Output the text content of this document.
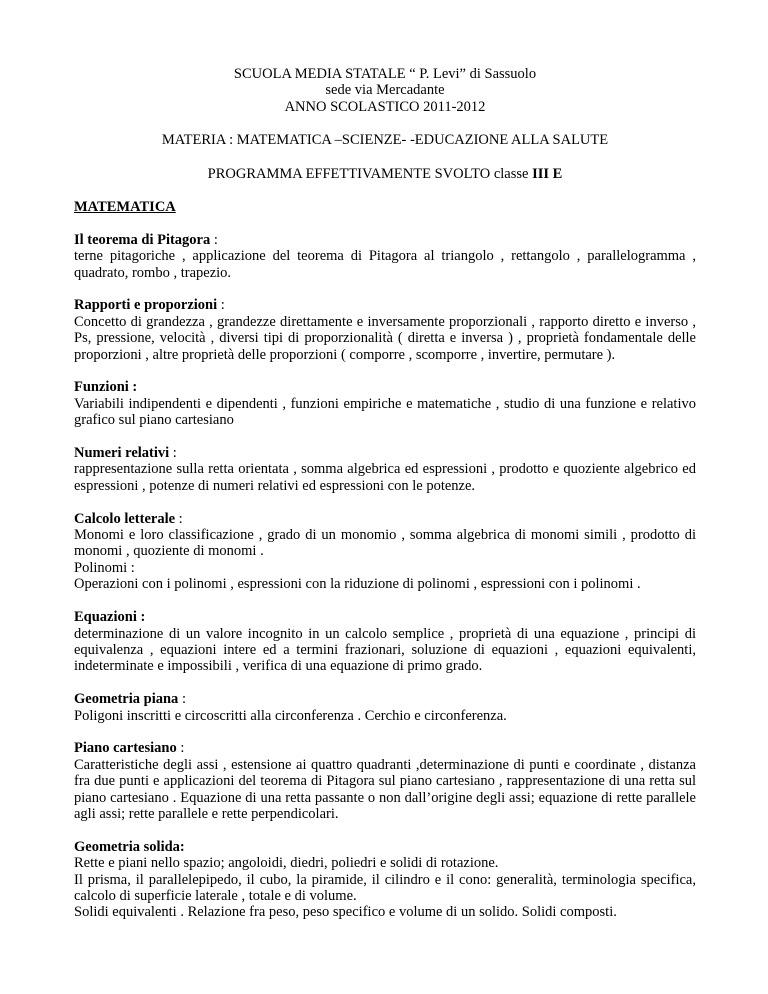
SCUOLA MEDIA STATALE “ P. Levi” di Sassuolo
sede via Mercadante
ANNO SCOLASTICO 2011-2012
MATERIA : MATEMATICA –SCIENZE- -EDUCAZIONE ALLA SALUTE
PROGRAMMA EFFETTIVAMENTE SVOLTO classe III E
MATEMATICA
Il teorema di Pitagora :

terne pitagoriche , applicazione del teorema di Pitagora al triangolo , rettangolo , parallelogramma , quadrato, rombo , trapezio.

Rapporti e proporzioni :

Concetto di grandezza , grandezze direttamente e inversamente proporzionali , rapporto diretto e inverso , Ps, pressione, velocità , diversi tipi di proporzionalità ( diretta e inversa ) , proprietà fondamentale delle proporzioni , altre proprietà delle proporzioni ( comporre , scomporre , invertire, permutare ).

Funzioni :

Variabili indipendenti e dipendenti , funzioni empiriche e matematiche , studio di una funzione e relativo grafico sul piano cartesiano

Numeri relativi :

rappresentazione sulla retta orientata , somma algebrica ed espressioni , prodotto e quoziente algebrico ed espressioni , potenze di numeri relativi ed espressioni con le potenze.

Calcolo letterale :

Monomi e loro classificazione , grado di un monomio , somma algebrica di monomi simili , prodotto di monomi , quoziente di monomi .

Polinomi :

Operazioni con i polinomi , espressioni con la riduzione di polinomi , espressioni con i polinomi .

Equazioni :

determinazione di un valore incognito in un calcolo semplice , proprietà di una equazione , principi di equivalenza , equazioni intere ed a termini frazionari, soluzione di equazioni , equazioni equivalenti, indeterminate e impossibili , verifica di una equazione di primo grado.

Geometria piana :

Poligoni inscritti e circoscritti alla circonferenza . Cerchio e circonferenza.

Piano cartesiano :

Caratteristiche degli assi , estensione ai quattro quadranti ,determinazione di punti e coordinate , distanza fra due punti e applicazioni del teorema di Pitagora sul piano cartesiano , rappresentazione di una retta sul piano cartesiano . Equazione di una retta passante o non dall’origine degli assi; equazione di rette parallele agli assi; rette parallele e rette perpendicolari.

Geometria solida:

Rette e piani nello spazio; angoloidi, diedri, poliedri e solidi di rotazione.

Il prisma, il parallelepipedo, il cubo, la piramide, il cilindro e il cono: generalità, terminologia specifica, calcolo di superficie laterale , totale e di volume.

Solidi equivalenti . Relazione fra peso, peso specifico e volume di un solido. Solidi composti.
